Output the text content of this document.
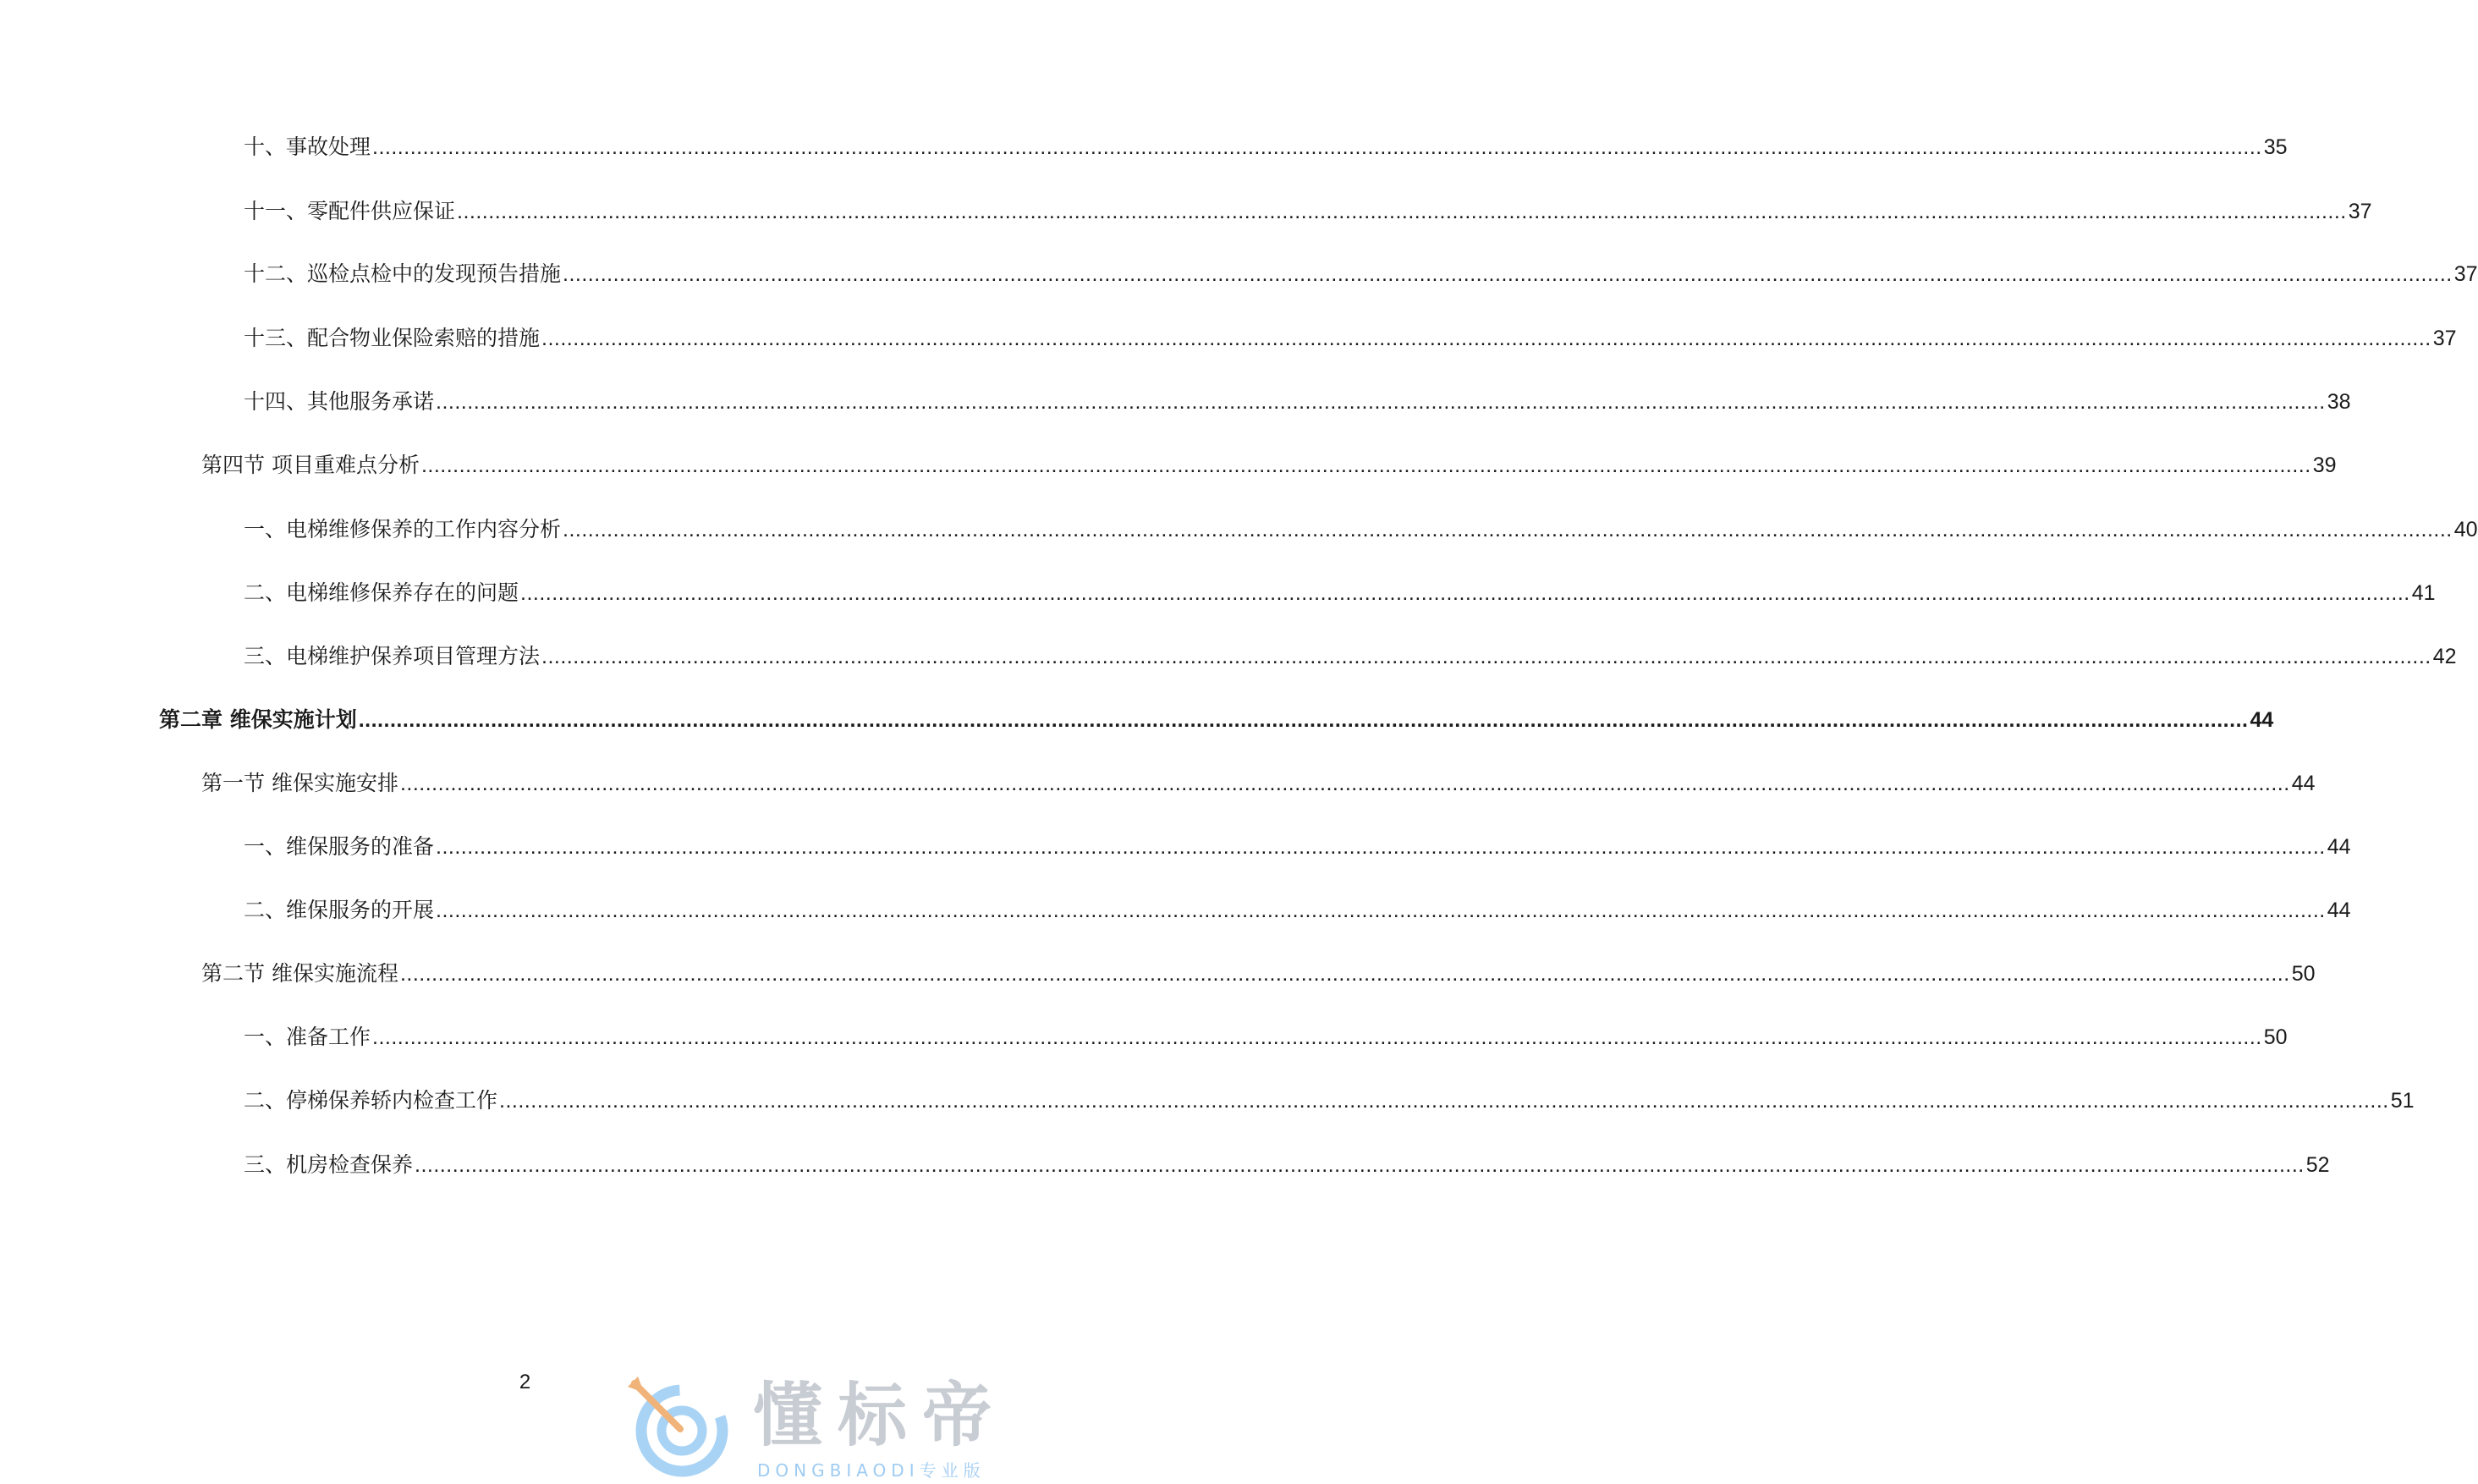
十、事故处理 ............................................................................................................................................................................................................................................................................................................ 35
十一、零配件供应保证 ............................................................................................................................................................................................................................................................................................................ 37
十二、巡检点检中的发现预告措施 ............................................................................................................................................................................................................................................................................................................ 37
十三、配合物业保险索赔的措施 ............................................................................................................................................................................................................................................................................................................ 37
十四、其他服务承诺 ............................................................................................................................................................................................................................................................................................................ 38
第四节 项目重难点分析 ............................................................................................................................................................................................................................................................................................................ 39
一、电梯维修保养的工作内容分析 ............................................................................................................................................................................................................................................................................................................ 40
二、电梯维修保养存在的问题 ............................................................................................................................................................................................................................................................................................................ 41
三、电梯维护保养项目管理方法 ............................................................................................................................................................................................................................................................................................................ 42
第二章 维保实施计划 ............................................................................................................................................................................................................................................................................................................ 44
第一节 维保实施安排 ............................................................................................................................................................................................................................................................................................................ 44
一、维保服务的准备 ............................................................................................................................................................................................................................................................................................................ 44
二、维保服务的开展 ............................................................................................................................................................................................................................................................................................................ 44
第二节 维保实施流程 ............................................................................................................................................................................................................................................................................................................ 50
一、准备工作 ............................................................................................................................................................................................................................................................................................................ 50
二、停梯保养轿内检查工作 ............................................................................................................................................................................................................................................................................................................ 51
三、机房检查保养 ............................................................................................................................................................................................................................................................................................................ 52
2	懂标帝
DONGBIAODI专业版
